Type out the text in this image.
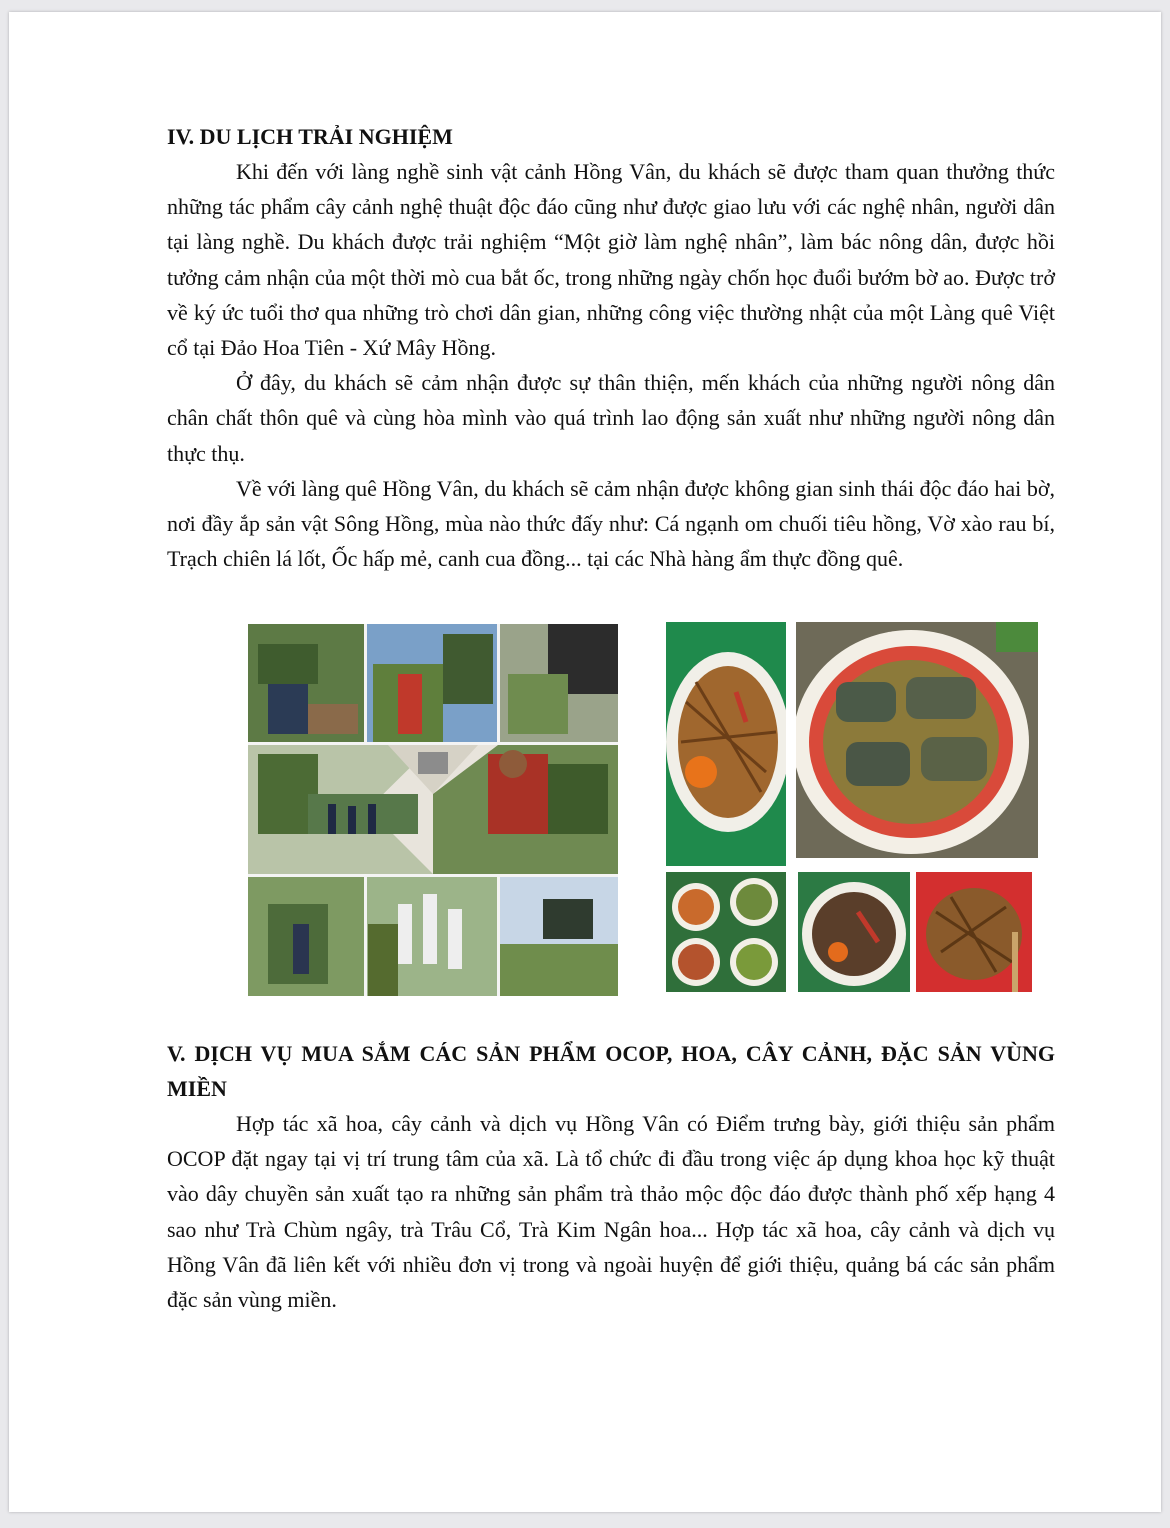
IV. DU LỊCH TRẢI NGHIỆM

Khi đến với làng nghề sinh vật cảnh Hồng Vân, du khách sẽ được tham quan thưởng thức những tác phẩm cây cảnh nghệ thuật độc đáo cũng như được giao lưu với các nghệ nhân, người dân tại làng nghề. Du khách được trải nghiệm “Một giờ làm nghệ nhân”, làm bác nông dân, được hồi tưởng cảm nhận của một thời mò cua bắt ốc, trong những ngày chốn học đuổi bướm bờ ao. Được trở về ký ức tuổi thơ qua những trò chơi dân gian, những công việc thường nhật của một Làng quê Việt cổ tại Đảo Hoa Tiên - Xứ Mây Hồng.

Ở đây, du khách sẽ cảm nhận được sự thân thiện, mến khách của những người nông dân chân chất thôn quê và cùng hòa mình vào quá trình lao động sản xuất như những người nông dân thực thụ.

Về với làng quê Hồng Vân, du khách sẽ cảm nhận được không gian sinh thái độc đáo hai bờ, nơi đầy ắp sản vật Sông Hồng, mùa nào thức đấy như: Cá ngạnh om chuối tiêu hồng, Vờ xào rau bí, Trạch chiên lá lốt, Ốc hấp mẻ, canh cua đồng... tại các Nhà hàng ẩm thực đồng quê.

V. DỊCH VỤ MUA SẮM CÁC SẢN PHẨM OCOP, HOA, CÂY CẢNH, ĐẶC SẢN VÙNG MIỀN

Hợp tác xã hoa, cây cảnh và dịch vụ Hồng Vân có Điểm trưng bày, giới thiệu sản phẩm OCOP đặt ngay tại vị trí trung tâm của xã. Là tổ chức đi đầu trong việc áp dụng khoa học kỹ thuật vào dây chuyền sản xuất tạo ra những sản phẩm trà thảo mộc độc đáo được thành phố xếp hạng 4 sao như Trà Chùm ngây, trà Trâu Cổ, Trà Kim Ngân hoa... Hợp tác xã hoa, cây cảnh và dịch vụ Hồng Vân đã liên kết với nhiều đơn vị trong và ngoài huyện để giới thiệu, quảng bá các sản phẩm đặc sản vùng miền.
